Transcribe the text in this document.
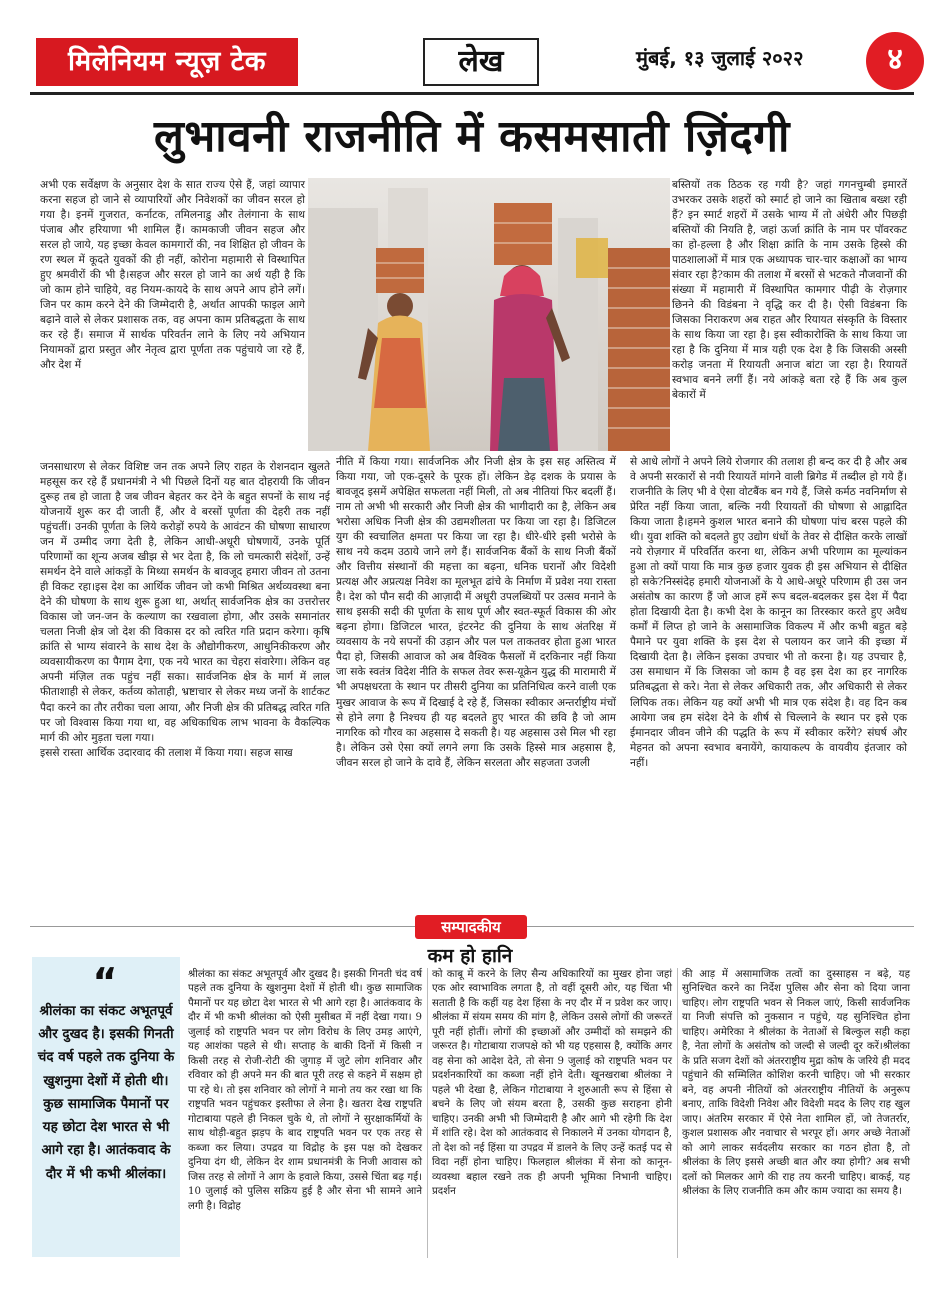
मिलेनियम न्यूज़ टेक	लेख	मुंबई, १३ जुलाई २०२२	४
लुभावनी राजनीति में कसमसाती ज़िंदगी

अभी एक सर्वेक्षण के अनुसार देश के सात राज्य ऐसे हैं, जहां व्यापार करना सहज हो जाने से व्यापारियों और निवेशकों का जीवन सरल हो गया है। इनमें गुजरात, कर्नाटक, तमिलनाडु और तेलंगाना के साथ पंजाब और हरियाणा भी शामिल हैं। कामकाजी जीवन सहज और सरल हो जाये, यह इच्छा केवल कामगारों की, नव शिक्षित हो जीवन के रण स्थल में कूदते युवकों की ही नहीं, कोरोना महामारी से विस्थापित हुए श्रमवीरों की भी है।सहज और सरल हो जाने का अर्थ यही है कि जो काम होने चाहिये, वह नियम-कायदे के साथ अपने आप होने लगें। जिन पर काम करने देने की जिम्मेदारी है, अर्थात आपकी फाइल आगे बढ़ाने वाले से लेकर प्रशासक तक, वह अपना काम प्रतिबद्धता के साथ कर रहे हैं। समाज में सार्थक परिवर्तन लाने के लिए नये अभियान नियामकों द्वारा प्रस्तुत और नेतृत्व द्वारा पूर्णता तक पहुंचाये जा रहे हैं, और देश में

जनसाधारण से लेकर विशिष्ट जन तक अपने लिए राहत के रोशनदान खुलते महसूस कर रहे हैं प्रधानमंत्री ने भी पिछले दिनों यह बात दोहरायी कि जीवन दुरूह तब हो जाता है जब जीवन बेहतर कर देने के बहुत सपनों के साथ नई योजनायें शुरू कर दी जाती हैं, और वे बरसों पूर्णता की देहरी तक नहीं पहुंचतीं। उनकी पूर्णता के लिये करोड़ों रुपये के आवंटन की घोषणा साधारण जन में उम्मीद जगा देती है, लेकिन आधी-अधूरी घोषणायें, उनके पूर्ति परिणामों का शून्य अजब खीझ से भर देता है, कि लो चमत्कारी संदेशों, उन्हें समर्थन देने वाले आंकड़ों के मिथ्या समर्थन के बावजूद हमारा जीवन तो उतना ही विकट रहा।इस देश का आर्थिक जीवन जो कभी मिश्रित अर्थव्यवस्था बना देने की घोषणा के साथ शुरू हुआ था, अर्थात् सार्वजनिक क्षेत्र का उत्तरोत्तर विकास जो जन-जन के कल्याण का रखवाला होगा, और उसके समानांतर चलता निजी क्षेत्र जो देश की विकास दर को त्वरित गति प्रदान करेगा। कृषि क्रांति से भाग्य संवारने के साथ देश के औद्योगीकरण, आधुनिकीकरण और व्यवसायीकरण का पैगाम देगा, एक नये भारत का चेहरा संवारेगा। लेकिन वह अपनी मंज़िल तक पहुंच नहीं सका। सार्वजनिक क्षेत्र के मार्ग में लाल फीताशाही से लेकर, कर्तव्य कोताही, भ्रष्टाचार से लेकर मध्य जनों के शार्टकट पैदा करने का तौर तरीका चला आया, और निजी क्षेत्र की प्रतिबद्ध त्वरित गति पर जो विश्वास किया गया था, वह अधिकाधिक लाभ भावना के वैकल्पिक मार्ग की ओर मुड़ता चला गया।

इससे रास्ता आर्थिक उदारवाद की तलाश में किया गया। सहज साख

नीति में किया गया। सार्वजनिक और निजी क्षेत्र के इस सह अस्तित्व में किया गया, जो एक-दूसरे के पूरक हों। लेकिन डेढ़ दशक के प्रयास के बावजूद इसमें अपेक्षित सफलता नहीं मिली, तो अब नीतियां फिर बदलीं हैं। नाम तो अभी भी सरकारी और निजी क्षेत्र की भागीदारी का है, लेकिन अब भरोसा अधिक निजी क्षेत्र की उद्यमशीलता पर किया जा रहा है। डिजिटल युग की स्वचालित क्षमता पर किया जा रहा है। धीरे-धीरे इसी भरोसे के साथ नये कदम उठाये जाने लगे हैं। सार्वजनिक बैंकों के साथ निजी बैंकों और वित्तीय संस्थानों की महत्ता का बढ़ना, धनिक घरानों और विदेशी प्रत्यक्ष और अप्रत्यक्ष निवेश का मूलभूत ढांचे के निर्माण में प्रवेश नया रास्ता है। देश को पौन सदी की आज़ादी में अधूरी उपलब्धियों पर उत्सव मनाने के साथ इसकी सदी की पूर्णता के साथ पूर्ण और स्वत-स्फूर्त विकास की ओर बढ़ना होगा। डिजिटल भारत, इंटरनेट की दुनिया के साथ अंतरिक्ष में व्यवसाय के नये सपनों की उड़ान और पल पल ताकतवर होता हुआ भारत पैदा हो, जिसकी आवाज को अब वैश्विक फैसलों में दरकिनार नहीं किया जा सके स्वतंत्र विदेश नीति के सफल तेवर रूस-यूक्रेन युद्ध की मारामारी में भी अपक्षधरता के स्थान पर तीसरी दुनिया का प्रतिनिधित्व करने वाली एक मुखर आवाज के रूप में दिखाई दे रहे हैं, जिसका स्वीकार अन्तर्राष्ट्रीय मंचों से होने लगा है निश्चय ही यह बदलते हुए भारत की छवि है जो आम नागरिक को गौरव का अहसास दे सकती है। यह अहसास उसे मिल भी रहा है। लेकिन उसे ऐसा क्यों लगने लगा कि उसके हिस्से मात्र अहसास है, जीवन सरल हो जाने के दावे हैं, लेकिन सरलता और सहजता उजली

बस्तियों तक ठिठक रह गयी है? जहां गगनचुम्बी इमारतें उभरकर उसके शहरों को स्मार्ट हो जाने का खिताब बख्श रही हैं? इन स्मार्ट शहरों में उसके भाग्य में तो अंधेरी और पिछड़ी बस्तियों की नियति है, जहां ऊर्जा क्रांति के नाम पर पॉवरकट का हो-हल्ला है और शिक्षा क्रांति के नाम उसके हिस्से की पाठशालाओं में मात्र एक अध्यापक चार-चार कक्षाओं का भाग्य संवार रहा है?काम की तलाश में बरसों से भटकते नौजवानों की संख्या में महामारी में विस्थापित कामगार पीढ़ी के रोज़गार छिनने की विडंबना ने वृद्धि कर दी है। ऐसी विडंबना कि जिसका निराकरण अब राहत और रियायत संस्कृति के विस्तार के साथ किया जा रहा है। इस स्वीकारोक्ति के साथ किया जा रहा है कि दुनिया में मात्र यही एक देश है कि जिसकी अस्सी करोड़ जनता में रियायती अनाज बांटा जा रहा है। रियायतें स्वभाव बनने लगीं हैं। नये आंकड़े बता रहे हैं कि अब कुल बेकारों में

से आधे लोगों ने अपने लिये रोजगार की तलाश ही बन्द कर दी है और अब वे अपनी सरकारों से नयी रियायतें मांगने वाली ब्रिगेड में तब्दील हो गये हैं। राजनीति के लिए भी वे ऐसा वोटबैंक बन गये हैं, जिसे कर्मठ नवनिर्माण से प्रेरित नहीं किया जाता, बल्कि नयी रियायतों की घोषणा से आह्लादित किया जाता है।हमने कुशल भारत बनाने की घोषणा पांच बरस पहले की थी। युवा शक्ति को बदलते हुए उद्योग धंधों के तेवर से दीक्षित करके लाखों नये रोज़गार में परिवर्तित करना था, लेकिन अभी परिणाम का मूल्यांकन हुआ तो क्यों पाया कि मात्र कुछ हजार युवक ही इस अभियान से दीक्षित हो सके?निस्संदेह हमारी योजनाओं के ये आधे-अधूरे परिणाम ही उस जन असंतोष का कारण हैं जो आज हमें रूप बदल-बदलकर इस देश में पैदा होता दिखायी देता है। कभी देश के कानून का तिरस्कार करते हुए अवैध कर्मों में लिप्त हो जाने के असामाजिक विकल्प में और कभी बहुत बड़े पैमाने पर युवा शक्ति के इस देश से पलायन कर जाने की इच्छा में दिखायी देता है। लेकिन इसका उपचार भी तो करना है। यह उपचार है, उस समाधान में कि जिसका जो काम है वह इस देश का हर नागरिक प्रतिबद्धता से करे। नेता से लेकर अधिकारी तक, और अधिकारी से लेकर लिपिक तक। लेकिन यह क्यों अभी भी मात्र एक संदेश है। वह दिन कब आयेगा जब हम संदेश देने के शीर्ष से चिल्लाने के स्थान पर इसे एक ईमानदार जीवन जीने की पद्धति के रूप में स्वीकार करेंगे? संघर्ष और मेहनत को अपना स्वभाव बनायेंगे, कायाकल्प के वायवीय इंतजार को नहीं।

सम्पादकीय
कम हो हानि
“
श्रीलंका का संकट अभूतपूर्व और दुखद है। इसकी गिनती चंद वर्ष पहले तक दुनिया के खुशनुमा देशों में होती थी। कुछ सामाजिक पैमानों पर यह छोटा देश भारत से भी आगे रहा है। आतंकवाद के दौर में भी कभी श्रीलंका।

श्रीलंका का संकट अभूतपूर्व और दुखद है। इसकी गिनती चंद वर्ष पहले तक दुनिया के खुशनुमा देशों में होती थी। कुछ सामाजिक पैमानों पर यह छोटा देश भारत से भी आगे रहा है। आतंकवाद के दौर में भी कभी श्रीलंका को ऐसी मुसीबत में नहीं देखा गया। 9 जुलाई को राष्ट्रपति भवन पर लोग विरोध के लिए उमड़ आएंगे, यह आशंका पहले से थी। सप्ताह के बाकी दिनों में किसी न किसी तरह से रोजी-रोटी की जुगाड़ में जुटे लोग शनिवार और रविवार को ही अपने मन की बात पूरी तरह से कहने में सक्षम हो पा रहे थे। तो इस शनिवार को लोगों ने मानो तय कर रखा था कि राष्ट्रपति भवन पहुंचकर इस्तीफा ले लेना है। खतरा देख राष्ट्रपति गोटाबाया पहले ही निकल चुके थे, तो लोगों ने सुरक्षाकर्मियों के साथ थोड़ी-बहुत झड़प के बाद राष्ट्रपति भवन पर एक तरह से कब्जा कर लिया। उपद्रव या विद्रोह के इस पक्ष को देखकर दुनिया दंग थी, लेकिन देर शाम प्रधानमंत्री के निजी आवास को जिस तरह से लोगों ने आग के हवाले किया, उससे चिंता बढ़ गई। 10 जुलाई को पुलिस सक्रिय हुई है और सेना भी सामने आने लगी है। विद्रोह

को काबू में करने के लिए सैन्य अधिकारियों का मुखर होना जहां एक ओर स्वाभाविक लगता है, तो वहीं दूसरी ओर, यह चिंता भी सताती है कि कहीं यह देश हिंसा के नए दौर में न प्रवेश कर जाए। श्रीलंका में संयम समय की मांग है, लेकिन उससे लोगों की जरूरतें पूरी नहीं होतीं। लोगों की इच्छाओं और उम्मीदों को समझने की जरूरत है। गोटाबाया राजपक्षे को भी यह एहसास है, क्योंकि अगर वह सेना को आदेश देते, तो सेना 9 जुलाई को राष्ट्रपति भवन पर प्रदर्शनकारियों का कब्जा नहीं होने देती। खूनखराबा श्रीलंका ने पहले भी देखा है, लेकिन गोटाबाया ने शुरुआती रूप से हिंसा से बचने के लिए जो संयम बरता है, उसकी कुछ सराहना होनी चाहिए। उनकी अभी भी जिम्मेदारी है और आगे भी रहेगी कि देश में शांति रहे। देश को आतंकवाद से निकालने में उनका योगदान है, तो देश को नई हिंसा या उपद्रव में डालने के लिए उन्हें कतई पद से विदा नहीं होना चाहिए। फिलहाल श्रीलंका में सेना को कानून-व्यवस्था बहाल रखने तक ही अपनी भूमिका निभानी चाहिए। प्रदर्शन

की आड़ में असामाजिक तत्वों का दुस्साहस न बढ़े, यह सुनिश्चित करने का निर्देश पुलिस और सेना को दिया जाना चाहिए। लोग राष्ट्रपति भवन से निकल जाएं, किसी सार्वजनिक या निजी संपत्ति को नुकसान न पहुंचे, यह सुनिश्चित होना चाहिए। अमेरिका ने श्रीलंका के नेताओं से बिल्कुल सही कहा है, नेता लोगों के असंतोष को जल्दी से जल्दी दूर करें।श्रीलंका के प्रति सजग देशों को अंतरराष्ट्रीय मुद्रा कोष के जरिये ही मदद पहुंचाने की सम्मिलित कोशिश करनी चाहिए। जो भी सरकार बने, वह अपनी नीतियों को अंतरराष्ट्रीय नीतियों के अनुरूप बनाए, ताकि विदेशी निवेश और विदेशी मदद के लिए राह खुल जाए। अंतरिम सरकार में ऐसे नेता शामिल हों, जो तेजतर्रार, कुशल प्रशासक और नवाचार से भरपूर हों। अगर अच्छे नेताओं को आगे लाकर सर्वदलीय सरकार का गठन होता है, तो श्रीलंका के लिए इससे अच्छी बात और क्या होगी? अब सभी दलों को मिलकर आगे की राह तय करनी चाहिए। बाकई, यह श्रीलंका के लिए राजनीति कम और काम ज्यादा का समय है।
